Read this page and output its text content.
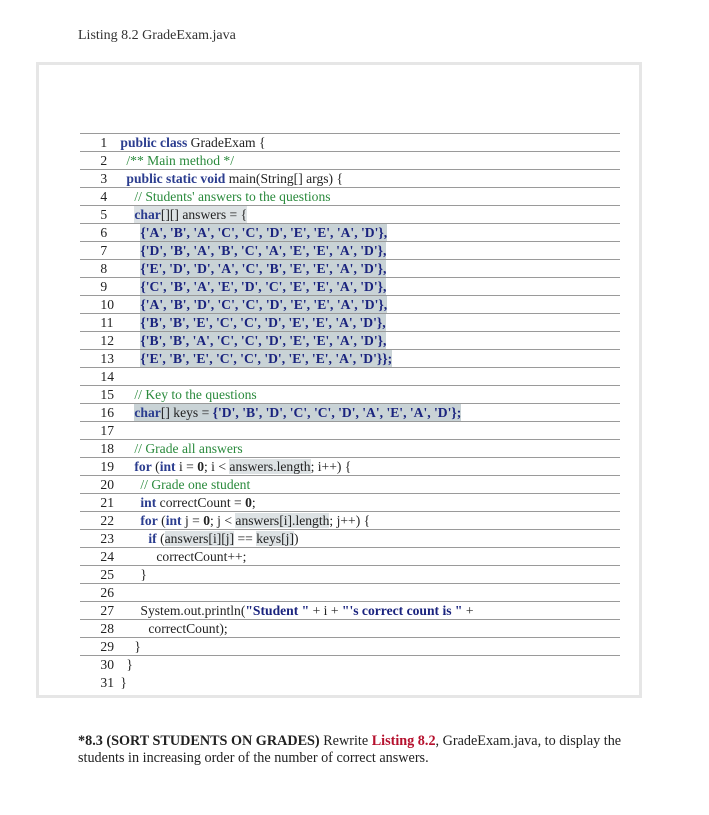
Listing 8.2 GradeExam.java

1 public class GradeExam {

2 /** Main method */

3 public static void main(String[] args) {

4 // Students' answers to the questions

5 char[][] answers = {

6 {'A', 'B', 'A', 'C', 'C', 'D', 'E', 'E', 'A', 'D'},

7 {'D', 'B', 'A', 'B', 'C', 'A', 'E', 'E', 'A', 'D'},

8 {'E', 'D', 'D', 'A', 'C', 'B', 'E', 'E', 'A', 'D'},

9 {'C', 'B', 'A', 'E', 'D', 'C', 'E', 'E', 'A', 'D'},

10 {'A', 'B', 'D', 'C', 'C', 'D', 'E', 'E', 'A', 'D'},

11 {'B', 'B', 'E', 'C', 'C', 'D', 'E', 'E', 'A', 'D'},

12 {'B', 'B', 'A', 'C', 'C', 'D', 'E', 'E', 'A', 'D'},

13 {'E', 'B', 'E', 'C', 'C', 'D', 'E', 'E', 'A', 'D'}};

14

15 // Key to the questions

16 char[] keys = {'D', 'B', 'D', 'C', 'C', 'D', 'A', 'E', 'A', 'D'};

17

18 // Grade all answers

19 for (int i = 0; i < answers.length; i++) {

20 // Grade one student

21 int correctCount = 0;

22 for (int j = 0; j < answers[i].length; j++) {

23	if (answers[i][j] == keys[j])

24	correctCount++;

25 }

26

27 System.out.println("Student " + i + "'s correct count is " +

28	correctCount);

29 }

30 }

31 }

*8.3 (SORT STUDENTS ON GRADES) Rewrite Listing 8.2, GradeExam.java, to display the students in increasing order of the number of correct answers.
